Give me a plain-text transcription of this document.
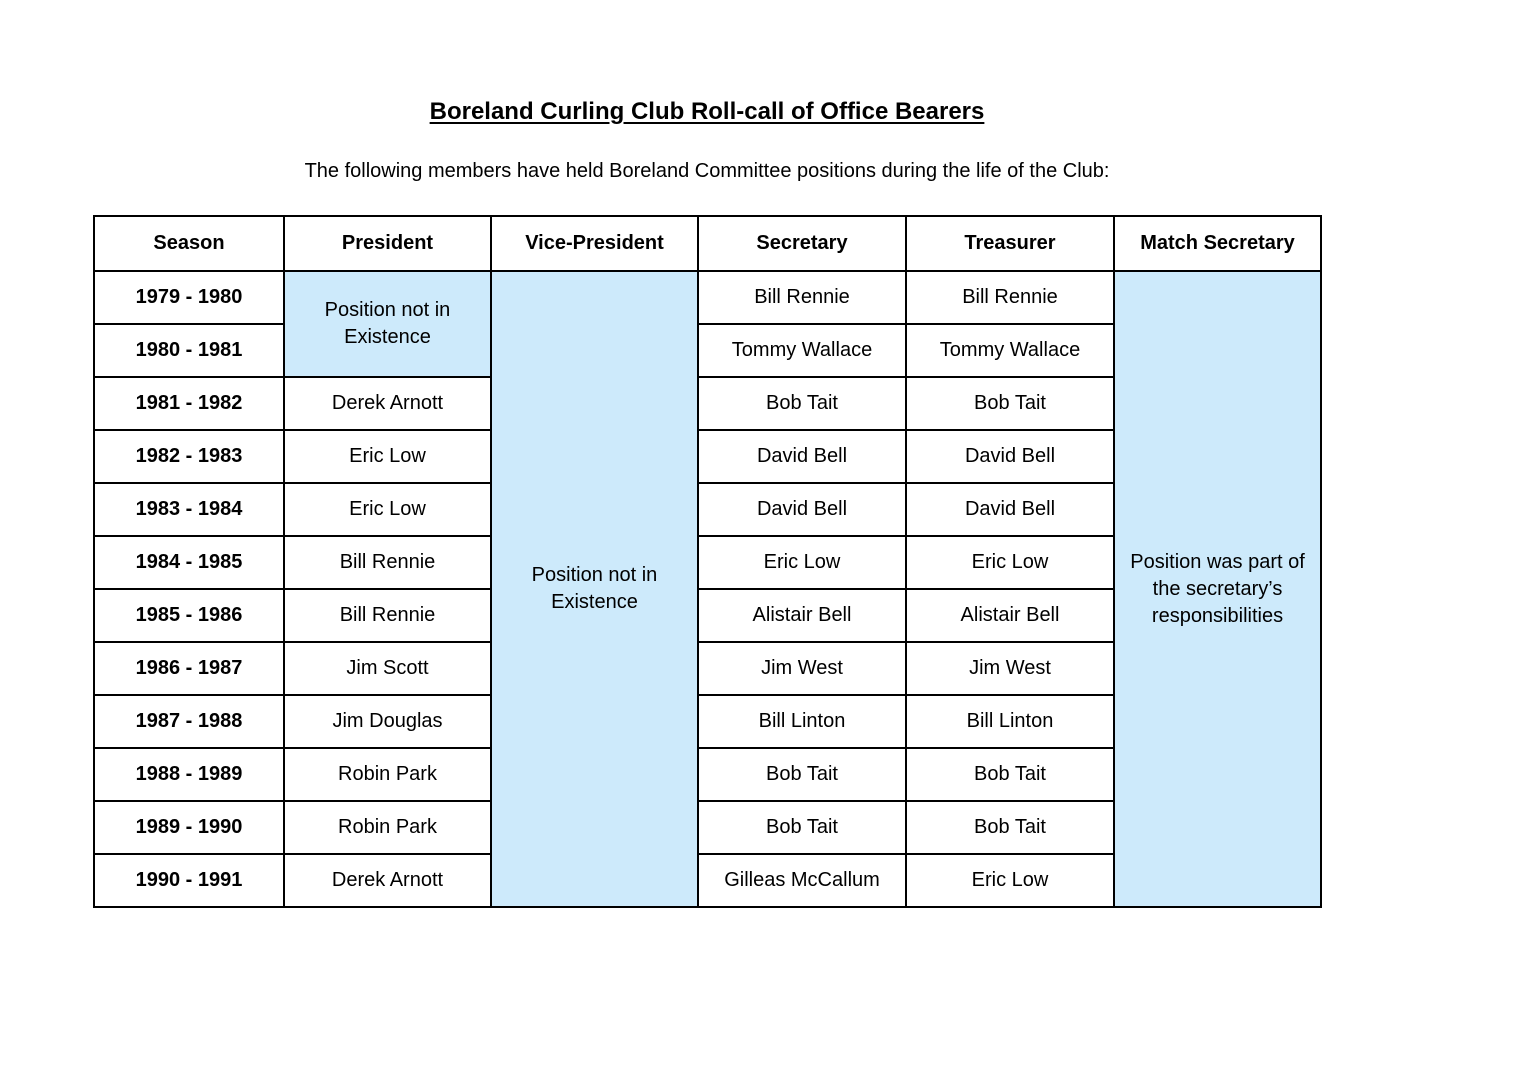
Boreland Curling Club Roll-call of Office Bearers
The following members have held Boreland Committee positions during the life of the Club:
Season	President	Vice-President	Secretary	Treasurer	Match Secretary
1979 - 1980	Position not in Existence	Position not in Existence	Bill Rennie	Bill Rennie	Position was part of the secretary’s responsibilities
1980 - 1981			Tommy Wallace	Tommy Wallace	
1981 - 1982	Derek Arnott		Bob Tait	Bob Tait	
1982 - 1983	Eric Low		David Bell	David Bell	
1983 - 1984	Eric Low		David Bell	David Bell	
1984 - 1985	Bill Rennie		Eric Low	Eric Low	
1985 - 1986	Bill Rennie		Alistair Bell	Alistair Bell	
1986 - 1987	Jim Scott		Jim West	Jim West	
1987 - 1988	Jim Douglas		Bill Linton	Bill Linton	
1988 - 1989	Robin Park		Bob Tait	Bob Tait	
1989 - 1990	Robin Park		Bob Tait	Bob Tait	
1990 - 1991	Derek Arnott		Gilleas McCallum	Eric Low	
